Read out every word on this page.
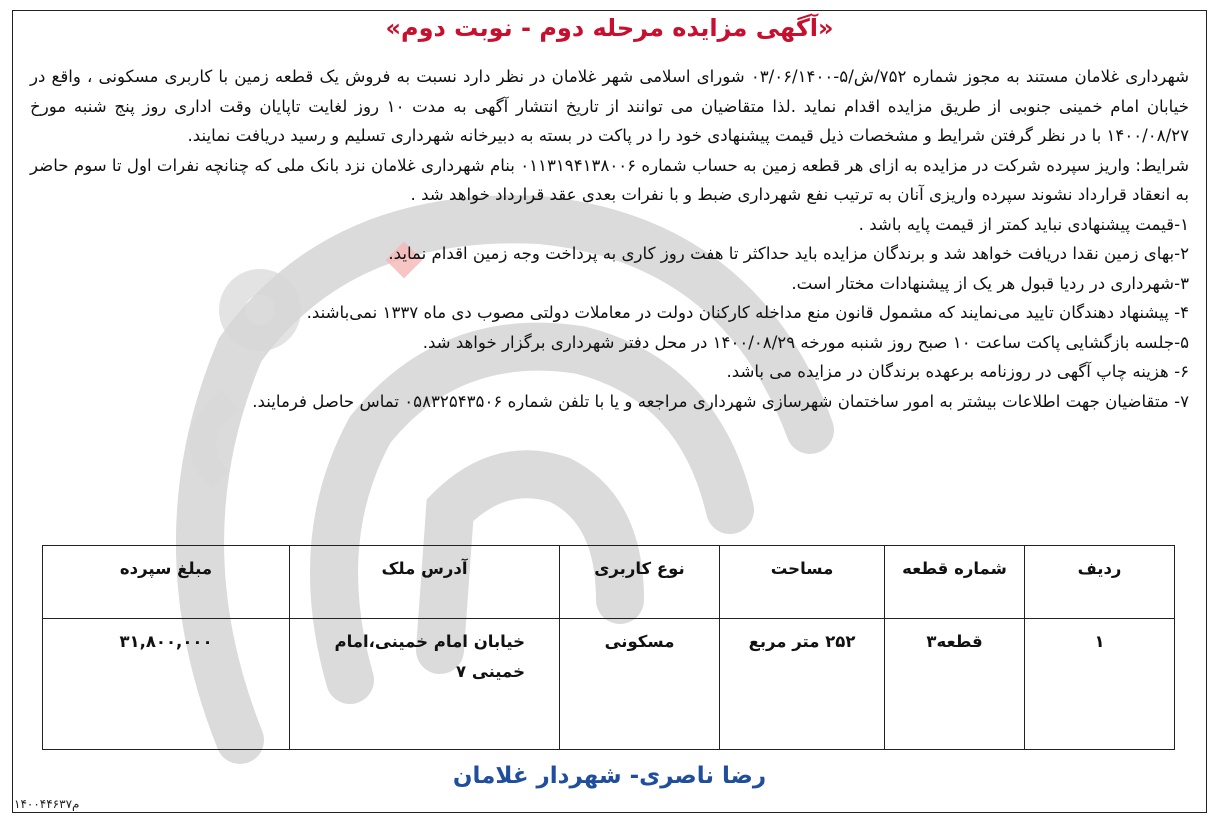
«آگهی مزایده مرحله دوم - نوبت دوم»

شهرداری غلامان مستند به مجوز شماره ۷۵۲/ش/۵-۰۳/۰۶/۱۴۰۰ شورای اسلامی شهر غلامان در نظر دارد نسبت به فروش یک قطعه زمین با کاربری مسکونی ، واقع در خیابان امام خمینی جنوبی از طریق مزایده اقدام نماید .لذا متقاضیان می توانند از تاریخ انتشار آگهی به مدت ۱۰ روز لغایت تاپایان وقت اداری روز پنج شنبه مورخ ۱۴۰۰/۰۸/۲۷ با در نظر گرفتن شرایط و مشخصات ذیل قیمت پیشنهادی خود را در پاکت در بسته به دبیرخانه شهرداری تسلیم و رسید دریافت نمایند.

شرایط: واریز سپرده شرکت در مزایده به ازای هر قطعه زمین به حساب شماره ۰۱۱۳۱۹۴۱۳۸۰۰۶ بنام شهرداری غلامان نزد بانک ملی که چنانچه نفرات اول تا سوم حاضر به انعقاد قرارداد نشوند سپرده واریزی آنان به ترتیب نفع شهرداری ضبط و با نفرات بعدی عقد قرارداد خواهد شد .

۱-قیمت پیشنهادی نباید کمتر از قیمت پایه باشد .

۲-بهای زمین نقدا دریافت خواهد شد و برندگان مزایده باید حداکثر تا هفت روز کاری به پرداخت وجه زمین اقدام نماید.

۳-شهرداری در ردیا قبول هر یک از پیشنهادات مختار است.

۴- پیشنهاد دهندگان تایید می‌نمایند که مشمول قانون منع مداخله کارکنان دولت در معاملات دولتی مصوب دی ماه ۱۳۳۷ نمی‌باشند.

۵-جلسه بازگشایی پاکت ساعت ۱۰ صبح روز شنبه مورخه ۱۴۰۰/۰۸/۲۹ در محل دفتر شهرداری برگزار خواهد شد.

۶- هزینه چاپ آگهی در روزنامه برعهده برندگان در مزایده می باشد.

۷- متقاضیان جهت اطلاعات بیشتر به امور ساختمان شهرسازی شهرداری مراجعه و یا با تلفن شماره ۰۵۸۳۲۵۴۳۵۰۶ تماس حاصل فرمایند.

ردیف	شماره قطعه	مساحت	نوع کاربری	آدرس ملک	مبلغ سپرده
۱	قطعه۳	۲۵۲ متر مربع	مسکونی	خیابان امام خمینی،امام خمینی ۷	۳۱,۸۰۰,۰۰۰
رضا ناصری- شهردار غلامان
م۱۴۰۰۴۴۶۳۷
